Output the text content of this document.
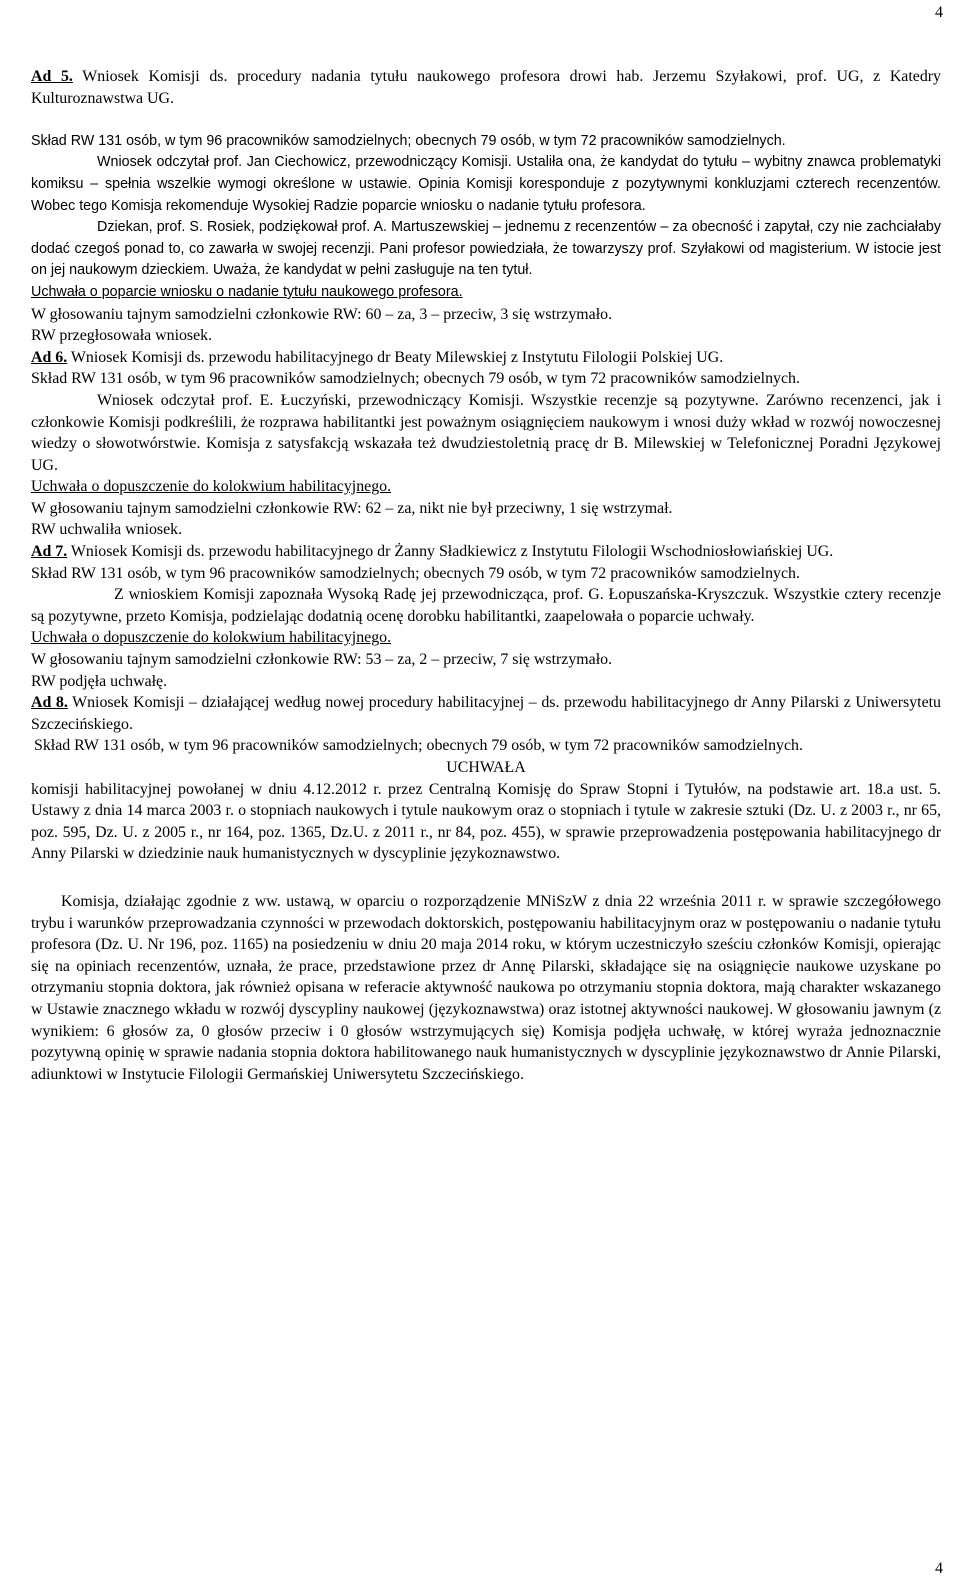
4

Ad 5. Wniosek Komisji ds. procedury nadania tytułu naukowego profesora drowi hab. Jerzemu Szyłakowi, prof. UG, z Katedry Kulturoznawstwa UG.

Skład RW 131 osób, w tym 96 pracowników samodzielnych; obecnych 79 osób, w tym 72 pracowników samodzielnych.

Wniosek odczytał prof. Jan Ciechowicz, przewodniczący Komisji. Ustaliła ona, że kandydat do tytułu – wybitny znawca problematyki komiksu – spełnia wszelkie wymogi określone w ustawie. Opinia Komisji koresponduje z pozytywnymi konkluzjami czterech recenzentów. Wobec tego Komisja rekomenduje Wysokiej Radzie poparcie wniosku o nadanie tytułu profesora.

Dziekan, prof. S. Rosiek, podziękował prof. A. Martuszewskiej – jednemu z recenzentów – za obecność i zapytał, czy nie zachciałaby dodać czegoś ponad to, co zawarła w swojej recenzji. Pani profesor powiedziała, że towarzyszy prof. Szyłakowi od magisterium. W istocie jest on jej naukowym dzieckiem. Uważa, że kandydat w pełni zasługuje na ten tytuł.

Uchwała o poparcie wniosku o nadanie tytułu naukowego profesora.

W głosowaniu tajnym samodzielni członkowie RW: 60 – za, 3 – przeciw, 3 się wstrzymało.

RW przegłosowała wniosek.

Ad 6. Wniosek Komisji ds. przewodu habilitacyjnego dr Beaty Milewskiej z Instytutu Filologii Polskiej UG.

Skład RW 131 osób, w tym 96 pracowników samodzielnych; obecnych 79 osób, w tym 72 pracowników samodzielnych.

Wniosek odczytał prof. E. Łuczyński, przewodniczący Komisji. Wszystkie recenzje są pozytywne. Zarówno recenzenci, jak i członkowie Komisji podkreślili, że rozprawa habilitantki jest poważnym osiągnięciem naukowym i wnosi duży wkład w rozwój nowoczesnej wiedzy o słowotwórstwie. Komisja z satysfakcją wskazała też dwudziestoletnią pracę dr B. Milewskiej w Telefonicznej Poradni Językowej UG.

Uchwała o dopuszczenie do kolokwium habilitacyjnego.

W głosowaniu tajnym samodzielni członkowie RW: 62 – za, nikt nie był przeciwny, 1 się wstrzymał.

RW uchwaliła wniosek.

Ad 7. Wniosek Komisji ds. przewodu habilitacyjnego dr Żanny Sładkiewicz z Instytutu Filologii Wschodniosłowiańskiej UG.

Skład RW 131 osób, w tym 96 pracowników samodzielnych; obecnych 79 osób, w tym 72 pracowników samodzielnych.

Z wnioskiem Komisji zapoznała Wysoką Radę jej przewodnicząca, prof. G. Łopuszańska-Kryszczuk. Wszystkie cztery recenzje są pozytywne, przeto Komisja, podzielając dodatnią ocenę dorobku habilitantki, zaapelowała o poparcie uchwały.

Uchwała o dopuszczenie do kolokwium habilitacyjnego.

W głosowaniu tajnym samodzielni członkowie RW: 53 – za, 2 – przeciw, 7 się wstrzymało.

RW podjęła uchwałę.

Ad 8. Wniosek Komisji – działającej według nowej procedury habilitacyjnej – ds. przewodu habilitacyjnego dr Anny Pilarski z Uniwersytetu Szczecińskiego.

Skład RW 131 osób, w tym 96 pracowników samodzielnych; obecnych 79 osób, w tym 72 pracowników samodzielnych.

UCHWAŁA

komisji habilitacyjnej powołanej w dniu 4.12.2012 r. przez Centralną Komisję do Spraw Stopni i Tytułów, na podstawie art. 18.a ust. 5. Ustawy z dnia 14 marca 2003 r. o stopniach naukowych i tytule naukowym oraz o stopniach i tytule w zakresie sztuki (Dz. U. z 2003 r., nr 65, poz. 595, Dz. U. z 2005 r., nr 164, poz. 1365, Dz.U. z 2011 r., nr 84, poz. 455), w sprawie przeprowadzenia postępowania habilitacyjnego dr Anny Pilarski w dziedzinie nauk humanistycznych w dyscyplinie językoznawstwo.

Komisja, działając zgodnie z ww. ustawą, w oparciu o rozporządzenie MNiSzW z dnia 22 września 2011 r. w sprawie szczegółowego trybu i warunków przeprowadzania czynności w przewodach doktorskich, postępowaniu habilitacyjnym oraz w postępowaniu o nadanie tytułu profesora (Dz. U. Nr 196, poz. 1165) na posiedzeniu w dniu 20 maja 2014 roku, w którym uczestniczyło sześciu członków Komisji, opierając się na opiniach recenzentów, uznała, że prace, przedstawione przez dr Annę Pilarski, składające się na osiągnięcie naukowe uzyskane po otrzymaniu stopnia doktora, jak również opisana w referacie aktywność naukowa po otrzymaniu stopnia doktora, mają charakter wskazanego w Ustawie znacznego wkładu w rozwój dyscypliny naukowej (językoznawstwa) oraz istotnej aktywności naukowej. W głosowaniu jawnym (z wynikiem: 6 głosów za, 0 głosów przeciw i 0 głosów wstrzymujących się) Komisja podjęła uchwałę, w której wyraża jednoznacznie pozytywną opinię w sprawie nadania stopnia doktora habilitowanego nauk humanistycznych w dyscyplinie językoznawstwo dr Annie Pilarski, adiunktowi w Instytucie Filologii Germańskiej Uniwersytetu Szczecińskiego.

4
